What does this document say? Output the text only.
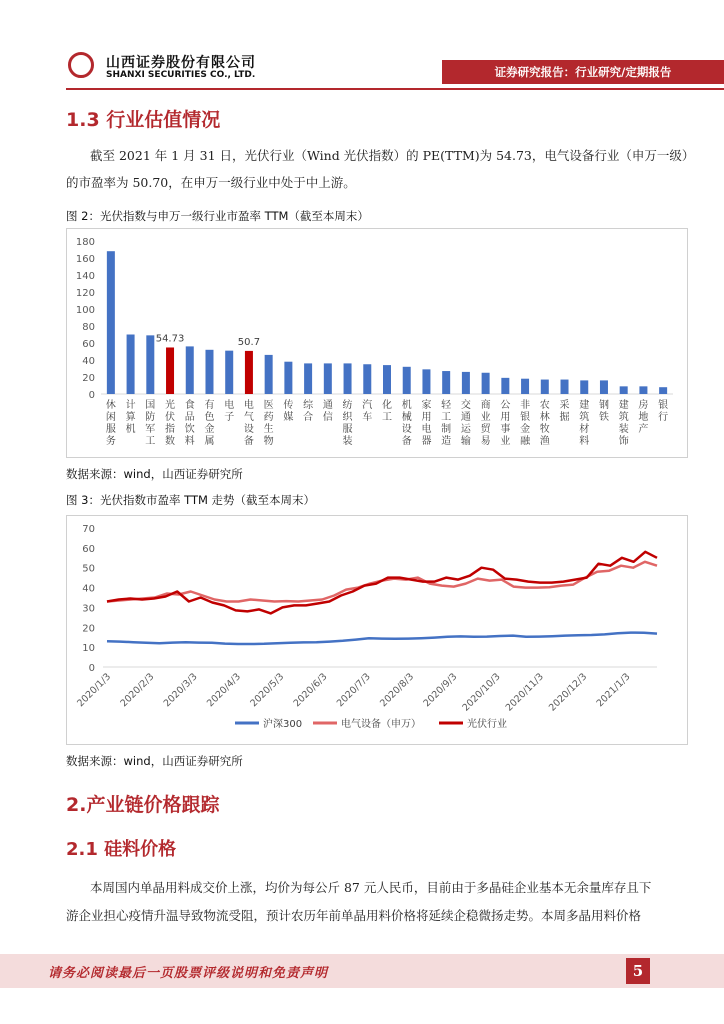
山西证券股份有限公司
SHANXI SECURITIES CO., LTD.	证券研究报告：行业研究/定期报告
1.3 行业估值情况
截至 2021 年 1 月 31 日，光伏行业（Wind 光伏指数）的 PE(TTM)为 54.73，电气设备行业（申万一级）
的市盈率为 50.70，在申万一级行业中处于中上游。
图 2：光伏指数与申万一级行业市盈率 TTM（截至本周末）
0
20
40
60
80
100
120
140
160
180
休
闲
服
务
计
算
机
国
防
军
工
54.73
光
伏
指
数
食
品
饮
料
有
色
金
属
电
子
50.7
电
气
设
备
医
药
生
物
传
媒
综
合
通
信
纺
织
服
装
汽
车
化
工
机
械
设
备
家
用
电
器
轻
工
制
造
交
通
运
输
商
业
贸
易
公
用
事
业
非
银
金
融
农
林
牧
渔
采
掘
建
筑
材
料
钢
铁
建
筑
装
饰
房
地
产
银
行
数据来源：wind，山西证券研究所
图 3：光伏指数市盈率 TTM 走势（截至本周末）
0
10
20
30
40
50
60
70
2020/1/3 2020/2/3 2020/3/3 2020/4/3 2020/5/3 2020/6/3 2020/7/3 2020/8/3 2020/9/3 2020/10/3 2020/11/3 2020/12/3 2021/1/3
沪深300	电气设备（申万）	光伏行业
数据来源：wind，山西证券研究所
2.产业链价格跟踪
2.1 硅料价格
本周国内单晶用料成交价上涨，均价为每公斤 87 元人民币，目前由于多晶硅企业基本无余量库存且下
游企业担心疫情升温导致物流受阻，预计农历年前单晶用料价格将延续企稳微扬走势。本周多晶用料价格
请务必阅读最后一页股票评级说明和免责声明	5
